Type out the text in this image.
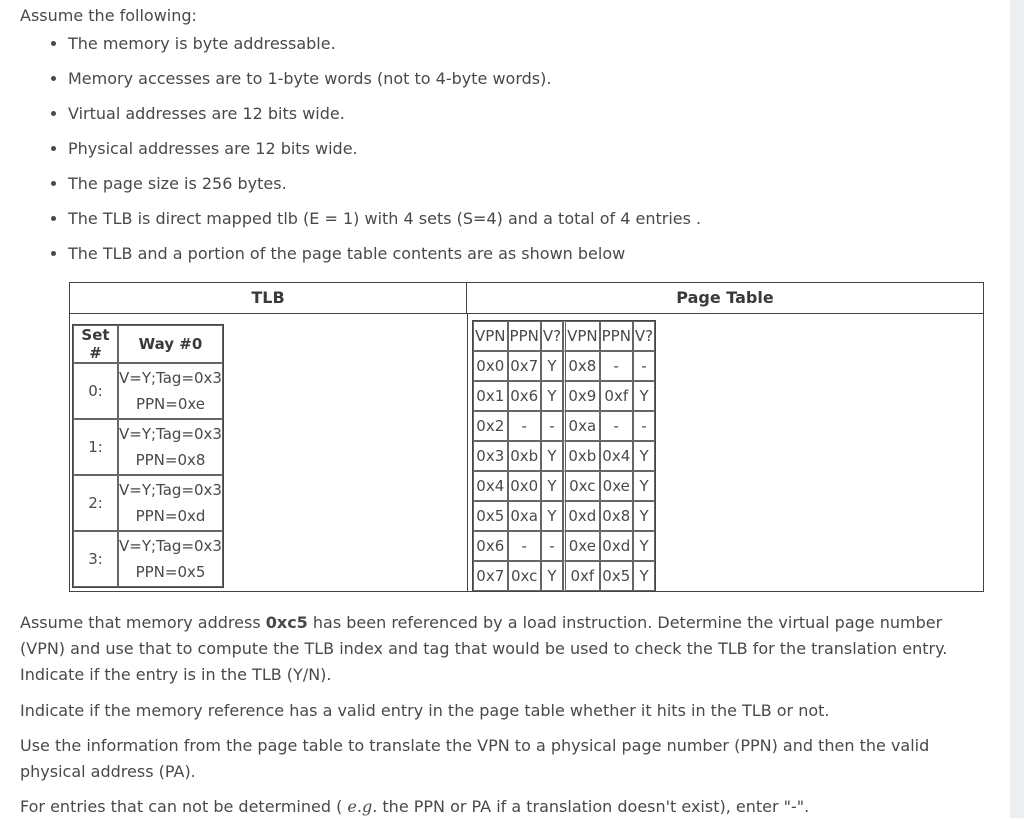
Assume the following:

• The memory is byte addressable.
• Memory accesses are to 1-byte words (not to 4-byte words).
• Virtual addresses are 12 bits wide.
• Physical addresses are 12 bits wide.
• The page size is 256 bytes.
• The TLB is direct mapped tlb (E = 1) with 4 sets (S=4) and a total of 4 entries .
• The TLB and a portion of the page table contents are as shown below
TLB	Page Table
Set #	Way #0
0:	V=Y;Tag=0x3
PPN=0xe

1:	V=Y;Tag=0x3
PPN=0x8

2:	V=Y;Tag=0x3
PPN=0xd

3:	V=Y;Tag=0x3
PPN=0x5
VPN	PPN	V?	VPN	PPN	V?
0x0	0x7	Y	0x8	-	-
0x1	0x6	Y	0x9	0xf	Y
0x2	-	-	0xa	-	-
0x3	0xb	Y	0xb	0x4	Y
0x4	0x0	Y	0xc	0xe	Y
0x5	0xa	Y	0xd	0x8	Y
0x6	-	-	0xe	0xd	Y
0x7	0xc	Y	0xf	0x5	Y

Assume that memory address 0xc5 has been referenced by a load instruction. Determine the virtual page number (VPN) and use that to compute the TLB index and tag that would be used to check the TLB for the translation entry. Indicate if the entry is in the TLB (Y/N).

Indicate if the memory reference has a valid entry in the page table whether it hits in the TLB or not.

Use the information from the page table to translate the VPN to a physical page number (PPN) and then the valid physical address (PA).

For entries that can not be determined ( e.g. the PPN or PA if a translation doesn't exist), enter "-".
